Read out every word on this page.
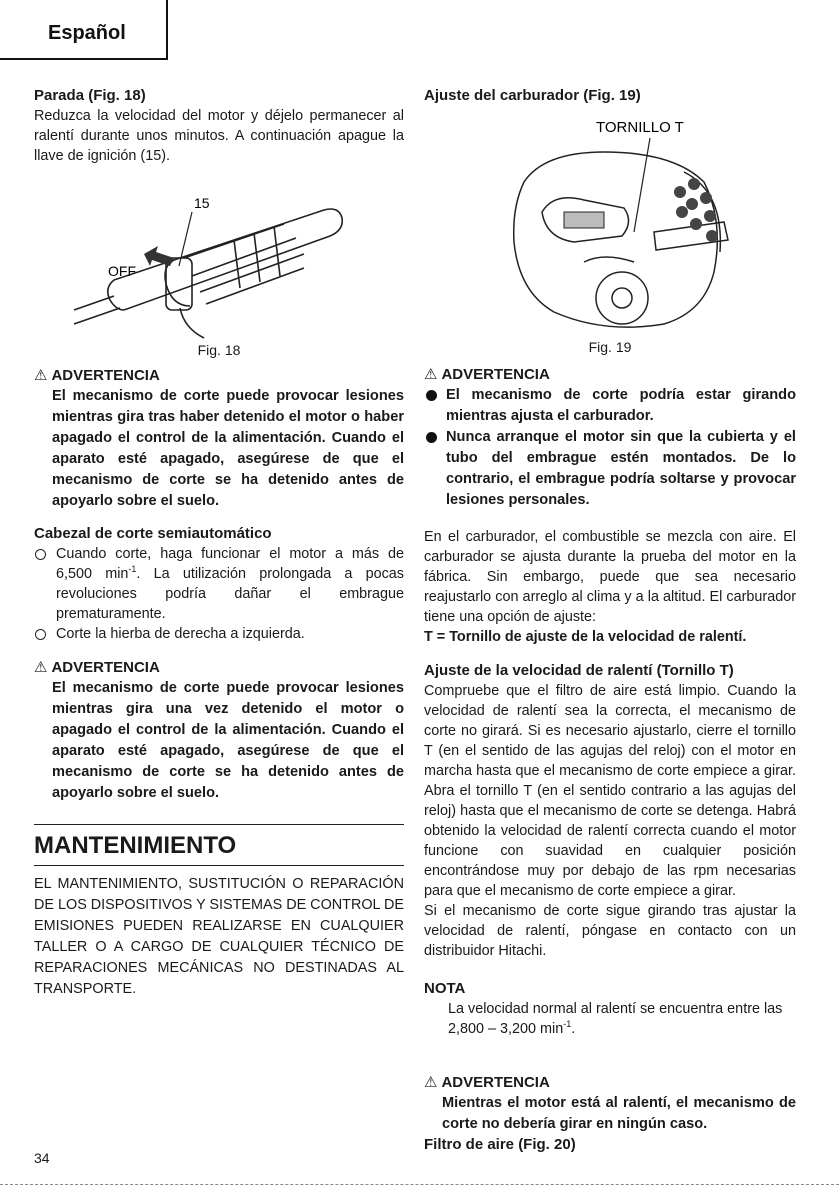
Español
Parada (Fig. 18)

Reduzca la velocidad del motor y déjelo permanecer al ralentí durante unos minutos. A continuación apague la llave de ignición (15).

15
OFF
Fig. 18
⚠ ADVERTENCIA
El mecanismo de corte puede provocar lesiones mientras gira tras haber detenido el motor o haber apagado el control de la alimentación. Cuando el aparato esté apagado, asegúrese de que el mecanismo de corte se ha detenido antes de apoyarlo sobre el suelo.
Cabezal de corte semiautomático
Cuando corte, haga funcionar el motor a más de 6,500 $\min^{-1}$. La utilización prolongada a pocas revoluciones podría dañar el embrague prematuramente.
Corte la hierba de derecha a izquierda.
⚠ ADVERTENCIA
El mecanismo de corte puede provocar lesiones mientras gira una vez detenido el motor o apagado el control de la alimentación. Cuando el aparato esté apagado, asegúrese de que el mecanismo de corte se ha detenido antes de apoyarlo sobre el suelo.
MANTENIMIENTO
EL MANTENIMIENTO, SUSTITUCIÓN O REPARACIÓN DE LOS DISPOSITIVOS Y SISTEMAS DE CONTROL DE EMISIONES PUEDEN REALIZARSE EN CUALQUIER TALLER O A CARGO DE CUALQUIER TÉCNICO DE REPARACIONES MECÁNICAS NO DESTINADAS AL TRANSPORTE.
Ajuste del carburador (Fig. 19)
TORNILLO T
Fig. 19
⚠ ADVERTENCIA
El mecanismo de corte podría estar girando mientras ajusta el carburador.
Nunca arranque el motor sin que la cubierta y el tubo del embrague estén montados. De lo contrario, el embrague podría soltarse y provocar lesiones personales.

En el carburador, el combustible se mezcla con aire. El carburador se ajusta durante la prueba del motor en la fábrica. Sin embargo, puede que sea necesario reajustarlo con arreglo al clima y a la altitud. El carburador tiene una opción de ajuste:

T = Tornillo de ajuste de la velocidad de ralentí.

Ajuste de la velocidad de ralentí (Tornillo T)

Compruebe que el filtro de aire está limpio. Cuando la velocidad de ralentí sea la correcta, el mecanismo de corte no girará. Si es necesario ajustarlo, cierre el tornillo T (en el sentido de las agujas del reloj) con el motor en marcha hasta que el mecanismo de corte empiece a girar. Abra el tornillo T (en el sentido contrario a las agujas del reloj) hasta que el mecanismo de corte se detenga. Habrá obtenido la velocidad de ralentí correcta cuando el motor funcione con suavidad en cualquier posición encontrándose muy por debajo de las rpm necesarias para que el mecanismo de corte empiece a girar.

Si el mecanismo de corte sigue girando tras ajustar la velocidad de ralentí, póngase en contacto con un distribuidor Hitachi.

NOTA

La velocidad normal al ralentí se encuentra entre las 2,800 – 3,200 $\min^{-1}$.

⚠ ADVERTENCIA
Mientras el motor está al ralentí, el mecanismo de corte no debería girar en ningún caso.
Filtro de aire (Fig. 20)
34
